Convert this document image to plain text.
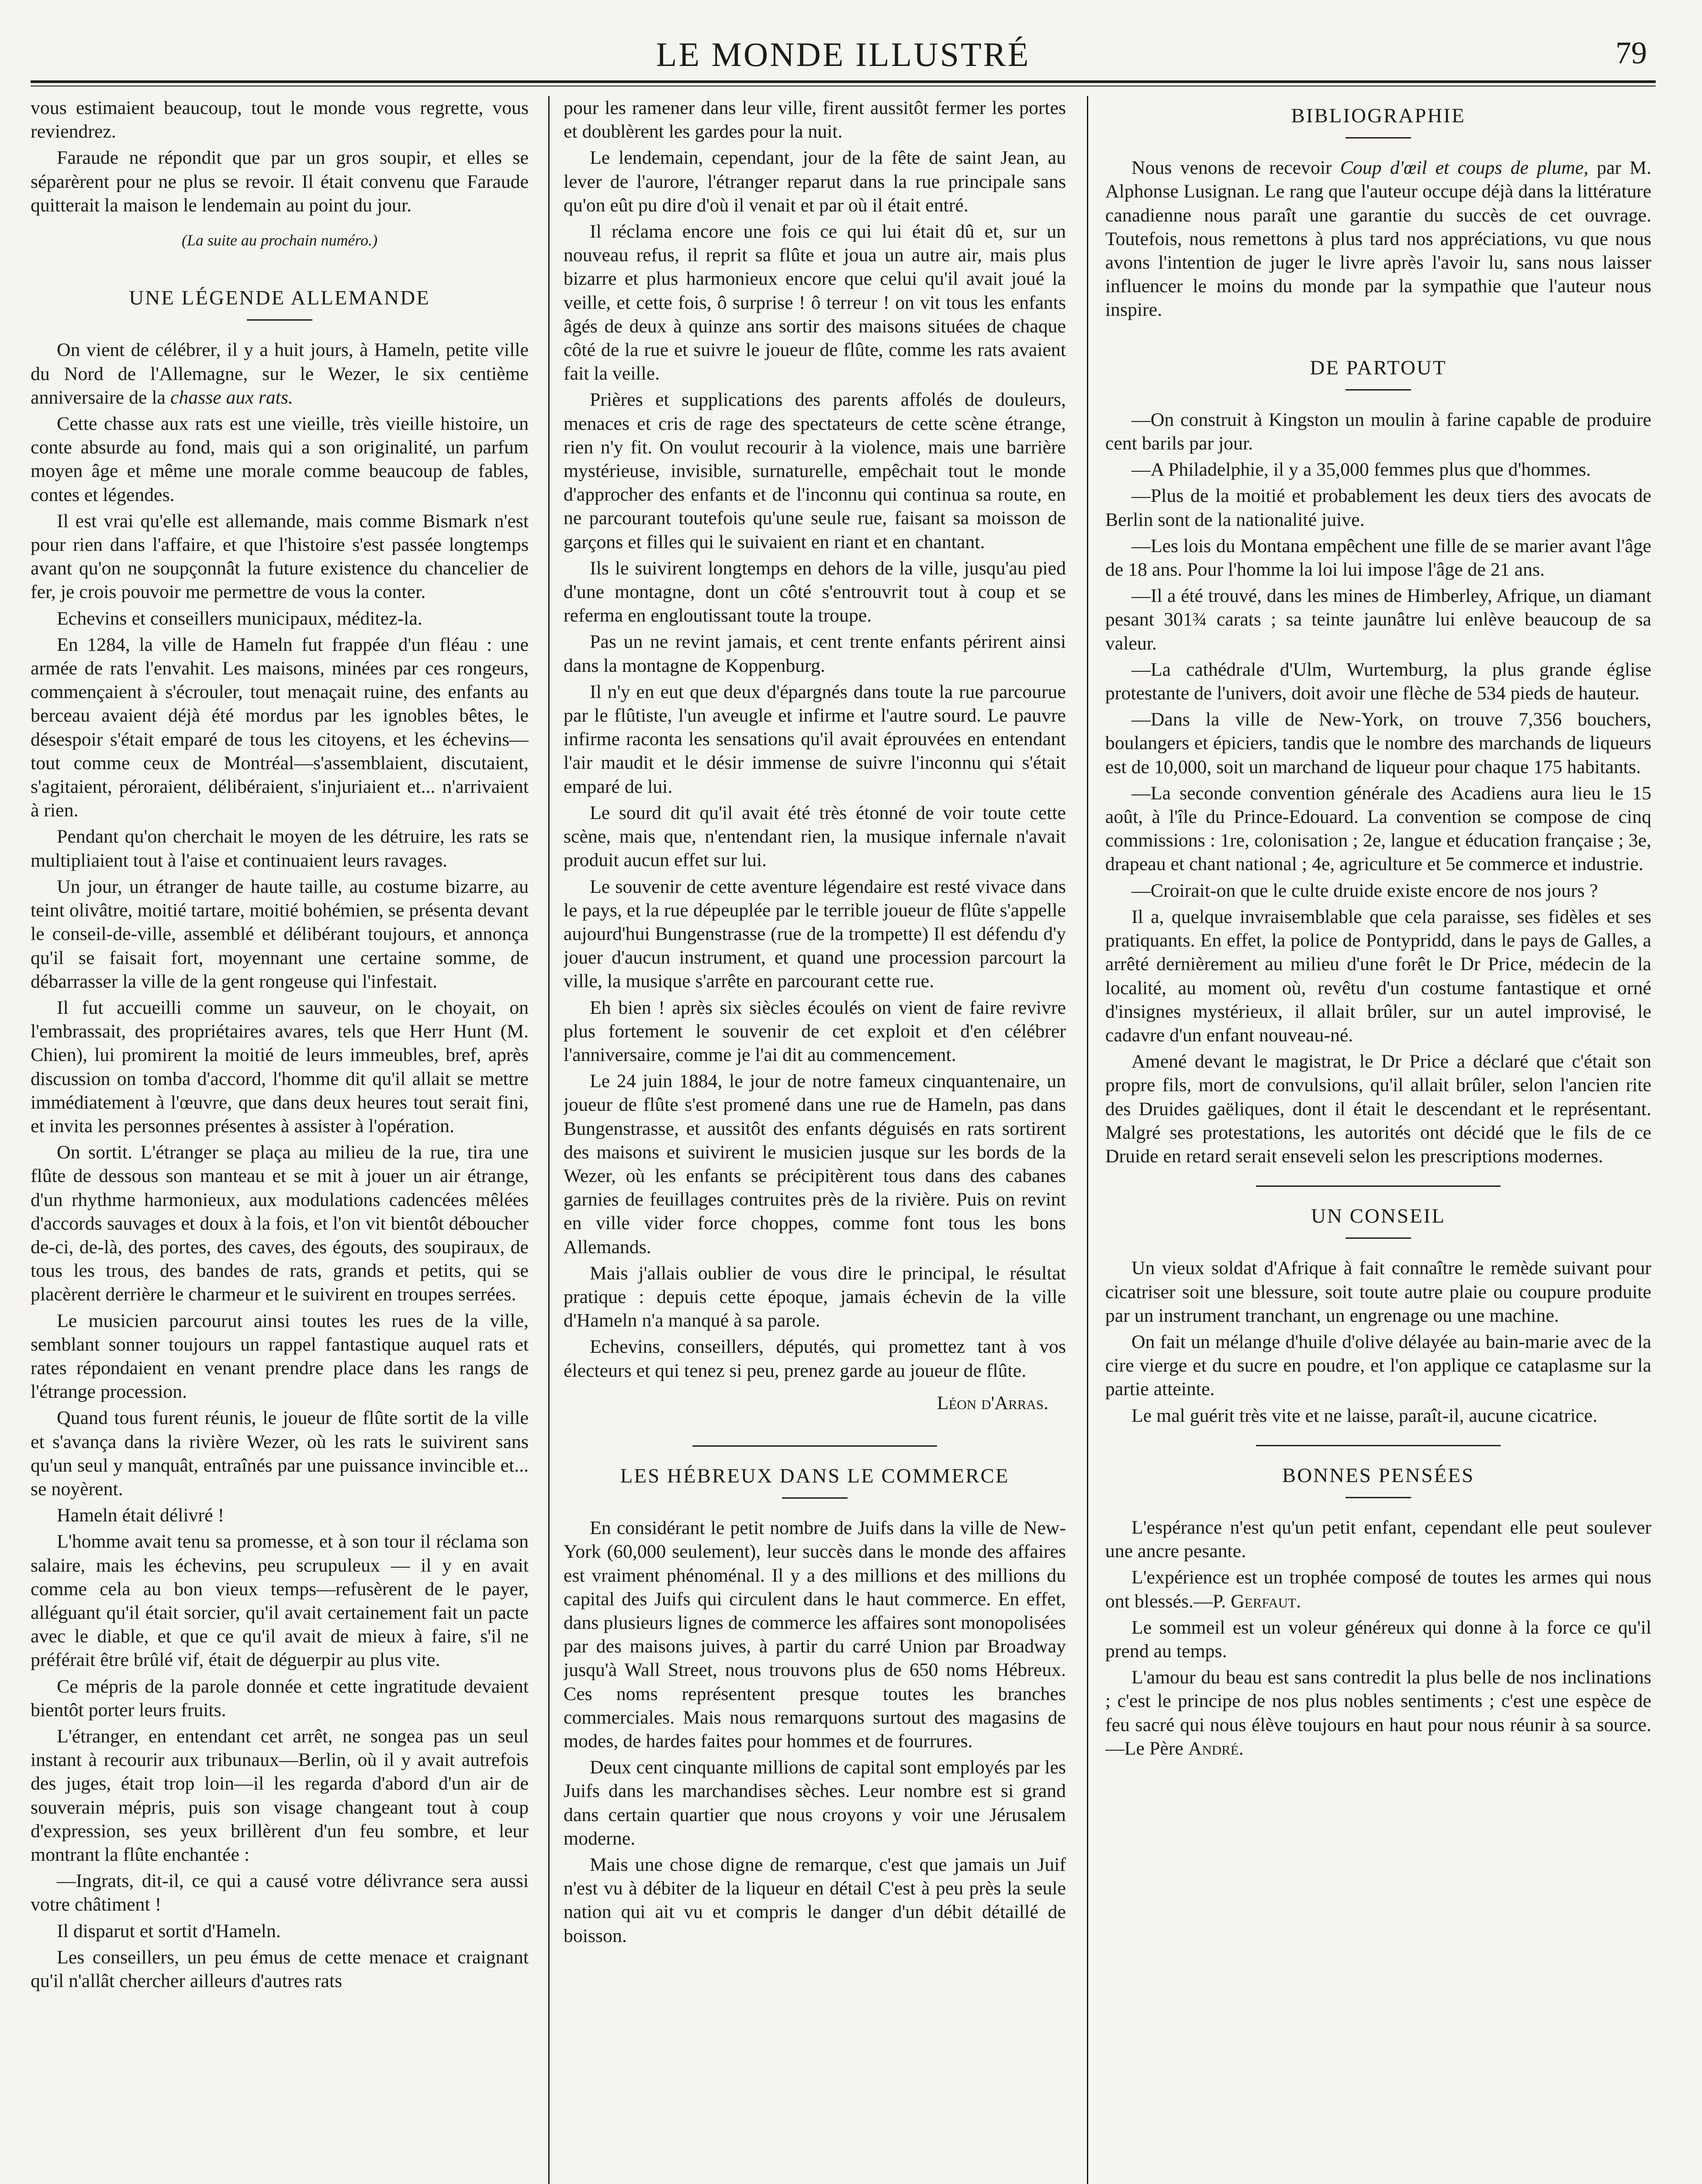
LE MONDE ILLUSTRÉ	79

vous estimaient beaucoup, tout le monde vous regrette, vous reviendrez.

Faraude ne répondit que par un gros soupir, et elles se séparèrent pour ne plus se revoir. Il était convenu que Faraude quitterait la maison le lendemain au point du jour.

(La suite au prochain numéro.)

UNE LÉGENDE ALLEMANDE

On vient de célébrer, il y a huit jours, à Hameln, petite ville du Nord de l'Allemagne, sur le Wezer, le six centième anniversaire de la chasse aux rats.

Cette chasse aux rats est une vieille, très vieille histoire, un conte absurde au fond, mais qui a son originalité, un parfum moyen âge et même une morale comme beaucoup de fables, contes et légendes.

Il est vrai qu'elle est allemande, mais comme Bismark n'est pour rien dans l'affaire, et que l'histoire s'est passée longtemps avant qu'on ne soupçonnât la future existence du chancelier de fer, je crois pouvoir me permettre de vous la conter.

Echevins et conseillers municipaux, méditez-la.

En 1284, la ville de Hameln fut frappée d'un fléau : une armée de rats l'envahit. Les maisons, minées par ces rongeurs, commençaient à s'écrouler, tout menaçait ruine, des enfants au berceau avaient déjà été mordus par les ignobles bêtes, le désespoir s'était emparé de tous les citoyens, et les échevins—tout comme ceux de Montréal—s'assemblaient, discutaient, s'agitaient, péroraient, délibéraient, s'injuriaient et... n'arrivaient à rien.

Pendant qu'on cherchait le moyen de les détruire, les rats se multipliaient tout à l'aise et continuaient leurs ravages.

Un jour, un étranger de haute taille, au costume bizarre, au teint olivâtre, moitié tartare, moitié bohémien, se présenta devant le conseil-de-ville, assemblé et délibérant toujours, et annonça qu'il se faisait fort, moyennant une certaine somme, de débarrasser la ville de la gent rongeuse qui l'infestait.

Il fut accueilli comme un sauveur, on le choyait, on l'embrassait, des propriétaires avares, tels que Herr Hunt (M. Chien), lui promirent la moitié de leurs immeubles, bref, après discussion on tomba d'accord, l'homme dit qu'il allait se mettre immédiatement à l'œuvre, que dans deux heures tout serait fini, et invita les personnes présentes à assister à l'opération.

On sortit. L'étranger se plaça au milieu de la rue, tira une flûte de dessous son manteau et se mit à jouer un air étrange, d'un rhythme harmonieux, aux modulations cadencées mêlées d'accords sauvages et doux à la fois, et l'on vit bientôt déboucher de-ci, de-là, des portes, des caves, des égouts, des soupiraux, de tous les trous, des bandes de rats, grands et petits, qui se placèrent derrière le charmeur et le suivirent en troupes serrées.

Le musicien parcourut ainsi toutes les rues de la ville, semblant sonner toujours un rappel fantastique auquel rats et rates répondaient en venant prendre place dans les rangs de l'étrange procession.

Quand tous furent réunis, le joueur de flûte sortit de la ville et s'avança dans la rivière Wezer, où les rats le suivirent sans qu'un seul y manquât, entraînés par une puissance invincible et... se noyèrent.

Hameln était délivré !

L'homme avait tenu sa promesse, et à son tour il réclama son salaire, mais les échevins, peu scrupuleux — il y en avait comme cela au bon vieux temps—refusèrent de le payer, alléguant qu'il était sorcier, qu'il avait certainement fait un pacte avec le diable, et que ce qu'il avait de mieux à faire, s'il ne préférait être brûlé vif, était de déguerpir au plus vite.

Ce mépris de la parole donnée et cette ingratitude devaient bientôt porter leurs fruits.

L'étranger, en entendant cet arrêt, ne songea pas un seul instant à recourir aux tribunaux—Berlin, où il y avait autrefois des juges, était trop loin—il les regarda d'abord d'un air de souverain mépris, puis son visage changeant tout à coup d'expression, ses yeux brillèrent d'un feu sombre, et leur montrant la flûte enchantée :

—Ingrats, dit-il, ce qui a causé votre délivrance sera aussi votre châtiment !

Il disparut et sortit d'Hameln.

Les conseillers, un peu émus de cette menace et craignant qu'il n'allât chercher ailleurs d'autres rats

pour les ramener dans leur ville, firent aussitôt fermer les portes et doublèrent les gardes pour la nuit.

Le lendemain, cependant, jour de la fête de saint Jean, au lever de l'aurore, l'étranger reparut dans la rue principale sans qu'on eût pu dire d'où il venait et par où il était entré.

Il réclama encore une fois ce qui lui était dû et, sur un nouveau refus, il reprit sa flûte et joua un autre air, mais plus bizarre et plus harmonieux encore que celui qu'il avait joué la veille, et cette fois, ô surprise ! ô terreur ! on vit tous les enfants âgés de deux à quinze ans sortir des maisons situées de chaque côté de la rue et suivre le joueur de flûte, comme les rats avaient fait la veille.

Prières et supplications des parents affolés de douleurs, menaces et cris de rage des spectateurs de cette scène étrange, rien n'y fit. On voulut recourir à la violence, mais une barrière mystérieuse, invisible, surnaturelle, empêchait tout le monde d'approcher des enfants et de l'inconnu qui continua sa route, en ne parcourant toutefois qu'une seule rue, faisant sa moisson de garçons et filles qui le suivaient en riant et en chantant.

Ils le suivirent longtemps en dehors de la ville, jusqu'au pied d'une montagne, dont un côté s'entrouvrit tout à coup et se referma en engloutissant toute la troupe.

Pas un ne revint jamais, et cent trente enfants périrent ainsi dans la montagne de Koppenburg.

Il n'y en eut que deux d'épargnés dans toute la rue parcourue par le flûtiste, l'un aveugle et infirme et l'autre sourd. Le pauvre infirme raconta les sensations qu'il avait éprouvées en entendant l'air maudit et le désir immense de suivre l'inconnu qui s'était emparé de lui.

Le sourd dit qu'il avait été très étonné de voir toute cette scène, mais que, n'entendant rien, la musique infernale n'avait produit aucun effet sur lui.

Le souvenir de cette aventure légendaire est resté vivace dans le pays, et la rue dépeuplée par le terrible joueur de flûte s'appelle aujourd'hui Bungenstrasse (rue de la trompette) Il est défendu d'y jouer d'aucun instrument, et quand une procession parcourt la ville, la musique s'arrête en parcourant cette rue.

Eh bien ! après six siècles écoulés on vient de faire revivre plus fortement le souvenir de cet exploit et d'en célébrer l'anniversaire, comme je l'ai dit au commencement.

Le 24 juin 1884, le jour de notre fameux cinquantenaire, un joueur de flûte s'est promené dans une rue de Hameln, pas dans Bungenstrasse, et aussitôt des enfants déguisés en rats sortirent des maisons et suivirent le musicien jusque sur les bords de la Wezer, où les enfants se précipitèrent tous dans des cabanes garnies de feuillages contruites près de la rivière. Puis on revint en ville vider force choppes, comme font tous les bons Allemands.

Mais j'allais oublier de vous dire le principal, le résultat pratique : depuis cette époque, jamais échevin de la ville d'Hameln n'a manqué à sa parole.

Echevins, conseillers, députés, qui promettez tant à vos électeurs et qui tenez si peu, prenez garde au joueur de flûte.

Léon d'Arras.

LES HÉBREUX DANS LE COMMERCE

En considérant le petit nombre de Juifs dans la ville de New-York (60,000 seulement), leur succès dans le monde des affaires est vraiment phénoménal. Il y a des millions et des millions du capital des Juifs qui circulent dans le haut commerce. En effet, dans plusieurs lignes de commerce les affaires sont monopolisées par des maisons juives, à partir du carré Union par Broadway jusqu'à Wall Street, nous trouvons plus de 650 noms Hébreux. Ces noms représentent presque toutes les branches commerciales. Mais nous remarquons surtout des magasins de modes, de hardes faites pour hommes et de fourrures.

Deux cent cinquante millions de capital sont employés par les Juifs dans les marchandises sèches. Leur nombre est si grand dans certain quartier que nous croyons y voir une Jérusalem moderne.

Mais une chose digne de remarque, c'est que jamais un Juif n'est vu à débiter de la liqueur en détail C'est à peu près la seule nation qui ait vu et compris le danger d'un débit détaillé de boisson.

BIBLIOGRAPHIE

Nous venons de recevoir Coup d'œil et coups de plume, par M. Alphonse Lusignan. Le rang que l'auteur occupe déjà dans la littérature canadienne nous paraît une garantie du succès de cet ouvrage. Toutefois, nous remettons à plus tard nos appréciations, vu que nous avons l'intention de juger le livre après l'avoir lu, sans nous laisser influencer le moins du monde par la sympathie que l'auteur nous inspire.

DE PARTOUT

—On construit à Kingston un moulin à farine capable de produire cent barils par jour.

—A Philadelphie, il y a 35,000 femmes plus que d'hommes.

—Plus de la moitié et probablement les deux tiers des avocats de Berlin sont de la nationalité juive.

—Les lois du Montana empêchent une fille de se marier avant l'âge de 18 ans. Pour l'homme la loi lui impose l'âge de 21 ans.

—Il a été trouvé, dans les mines de Himberley, Afrique, un diamant pesant 301¾ carats ; sa teinte jaunâtre lui enlève beaucoup de sa valeur.

—La cathédrale d'Ulm, Wurtemburg, la plus grande église protestante de l'univers, doit avoir une flèche de 534 pieds de hauteur.

—Dans la ville de New-York, on trouve 7,356 bouchers, boulangers et épiciers, tandis que le nombre des marchands de liqueurs est de 10,000, soit un marchand de liqueur pour chaque 175 habitants.

—La seconde convention générale des Acadiens aura lieu le 15 août, à l'île du Prince-Edouard. La convention se compose de cinq commissions : 1re, colonisation ; 2e, langue et éducation française ; 3e, drapeau et chant national ; 4e, agriculture et 5e commerce et industrie.

—Croirait-on que le culte druide existe encore de nos jours ?

Il a, quelque invraisemblable que cela paraisse, ses fidèles et ses pratiquants. En effet, la police de Pontypridd, dans le pays de Galles, a arrêté dernièrement au milieu d'une forêt le Dr Price, médecin de la localité, au moment où, revêtu d'un costume fantastique et orné d'insignes mystérieux, il allait brûler, sur un autel improvisé, le cadavre d'un enfant nouveau-né.

Amené devant le magistrat, le Dr Price a déclaré que c'était son propre fils, mort de convulsions, qu'il allait brûler, selon l'ancien rite des Druides gaëliques, dont il était le descendant et le représentant. Malgré ses protestations, les autorités ont décidé que le fils de ce Druide en retard serait enseveli selon les prescriptions modernes.

UN CONSEIL

Un vieux soldat d'Afrique à fait connaître le remède suivant pour cicatriser soit une blessure, soit toute autre plaie ou coupure produite par un instrument tranchant, un engrenage ou une machine.

On fait un mélange d'huile d'olive délayée au bain-marie avec de la cire vierge et du sucre en poudre, et l'on applique ce cataplasme sur la partie atteinte.

Le mal guérit très vite et ne laisse, paraît-il, aucune cicatrice.

BONNES PENSÉES

L'espérance n'est qu'un petit enfant, cependant elle peut soulever une ancre pesante.

L'expérience est un trophée composé de toutes les armes qui nous ont blessés.—P. Gerfaut.

Le sommeil est un voleur généreux qui donne à la force ce qu'il prend au temps.

L'amour du beau est sans contredit la plus belle de nos inclinations ; c'est le principe de nos plus nobles sentiments ; c'est une espèce de feu sacré qui nous élève toujours en haut pour nous réunir à sa source.—Le Père André.
